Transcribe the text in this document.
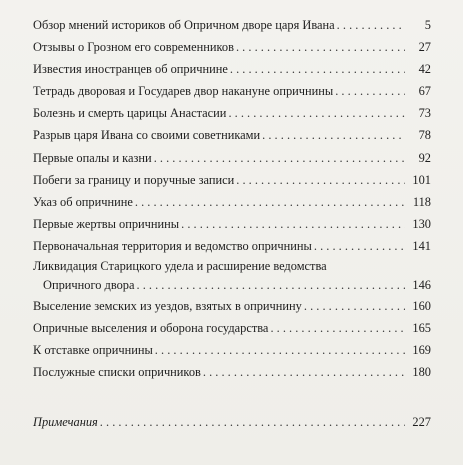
Обзор мнений историков об Опричном дворе царя Ивана . . .	5
Отзывы о Грозном его современников . . .	27
Известия иностранцев об опричнине . . .	42
Тетрадь дворовая и Государев двор накануне опричнины . . .	67
Болезнь и смерть царицы Анастасии . . .	73
Разрыв царя Ивана со своими советниками . . .	78
Первые опалы и казни . . .	92
Побеги за границу и поручные записи . . .	101
Указ об опричнине . . .	118
Первые жертвы опричнины . . .	130
Первоначальная территория и ведомство опричнины . . .	141
Ликвидация Старицкого удела и расширение ведомства
Опричного двора . . .	146
Выселение земских из уездов, взятых в опричнину . . .	160
Опричные выселения и оборона государства . . .	165
К отставке опричнины . . .	169
Послужные списки опричников . . .	180
Примечания . . .	227
